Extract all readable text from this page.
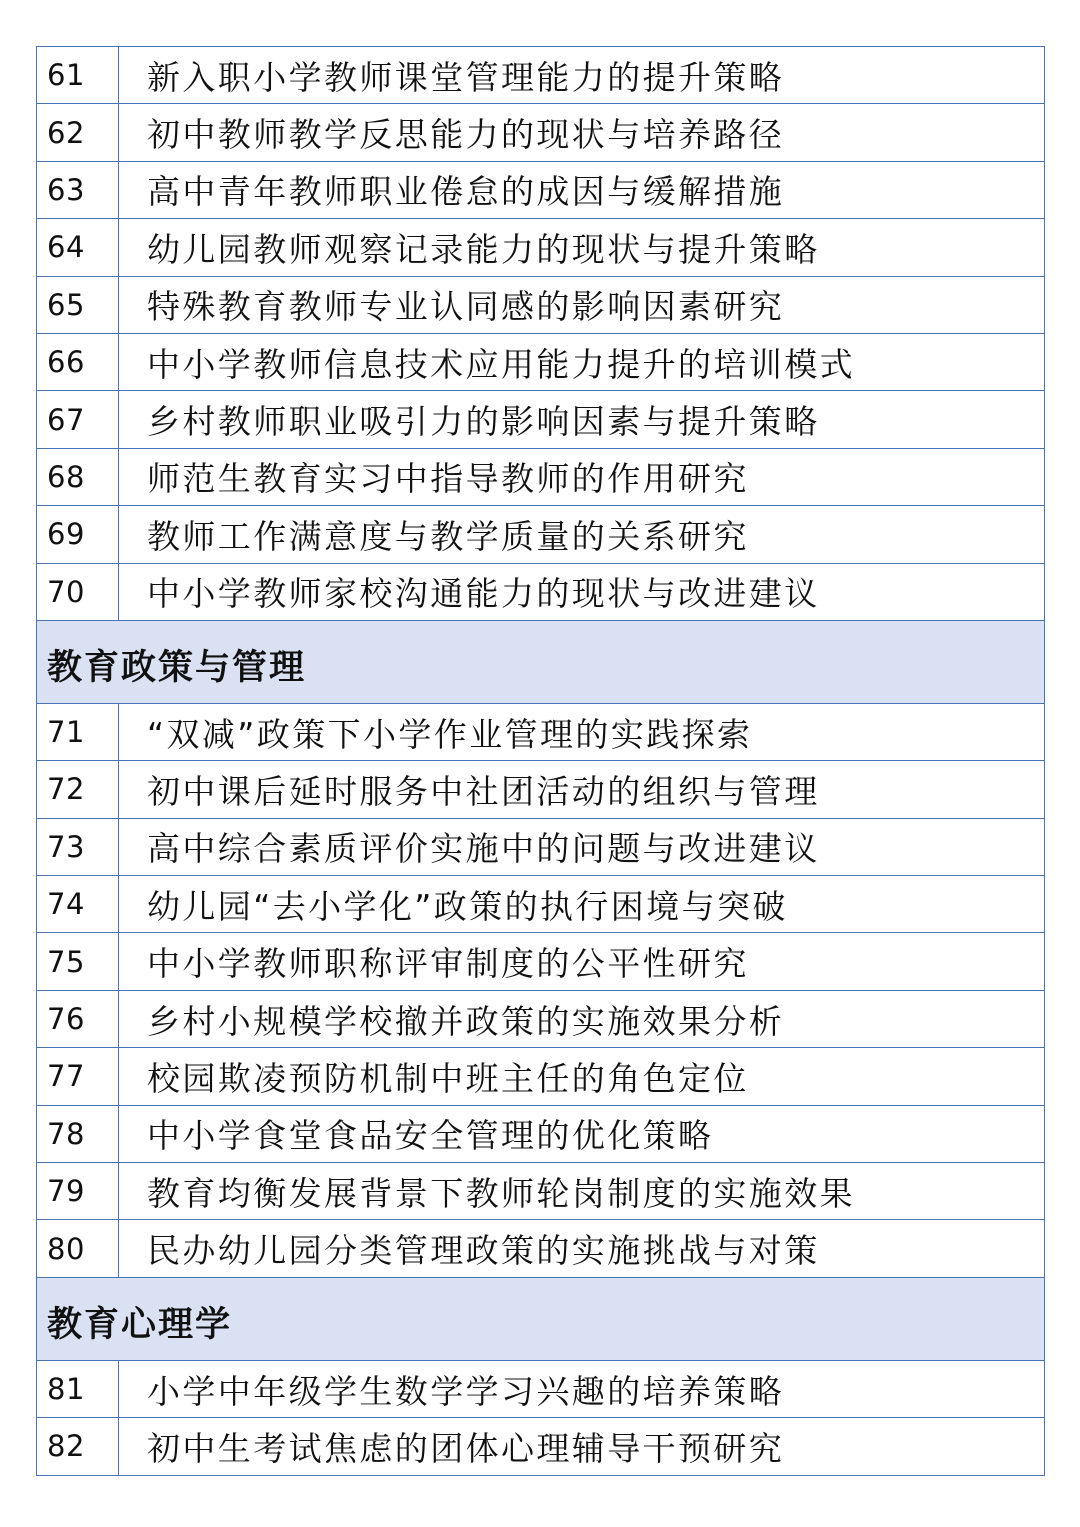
61	新入职小学教师课堂管理能力的提升策略
62	初中教师教学反思能力的现状与培养路径
63	高中青年教师职业倦怠的成因与缓解措施
64	幼儿园教师观察记录能力的现状与提升策略
65	特殊教育教师专业认同感的影响因素研究
66	中小学教师信息技术应用能力提升的培训模式
67	乡村教师职业吸引力的影响因素与提升策略
68	师范生教育实习中指导教师的作用研究
69	教师工作满意度与教学质量的关系研究
70	中小学教师家校沟通能力的现状与改进建议

教育政策与管理	

71	“双减”政策下小学作业管理的实践探索
72	初中课后延时服务中社团活动的组织与管理
73	高中综合素质评价实施中的问题与改进建议
74	幼儿园“去小学化”政策的执行困境与突破
75	中小学教师职称评审制度的公平性研究
76	乡村小规模学校撤并政策的实施效果分析
77	校园欺凌预防机制中班主任的角色定位
78	中小学食堂食品安全管理的优化策略
79	教育均衡发展背景下教师轮岗制度的实施效果
80	民办幼儿园分类管理政策的实施挑战与对策

教育心理学	

81	小学中年级学生数学学习兴趣的培养策略
82	初中生考试焦虑的团体心理辅导干预研究
